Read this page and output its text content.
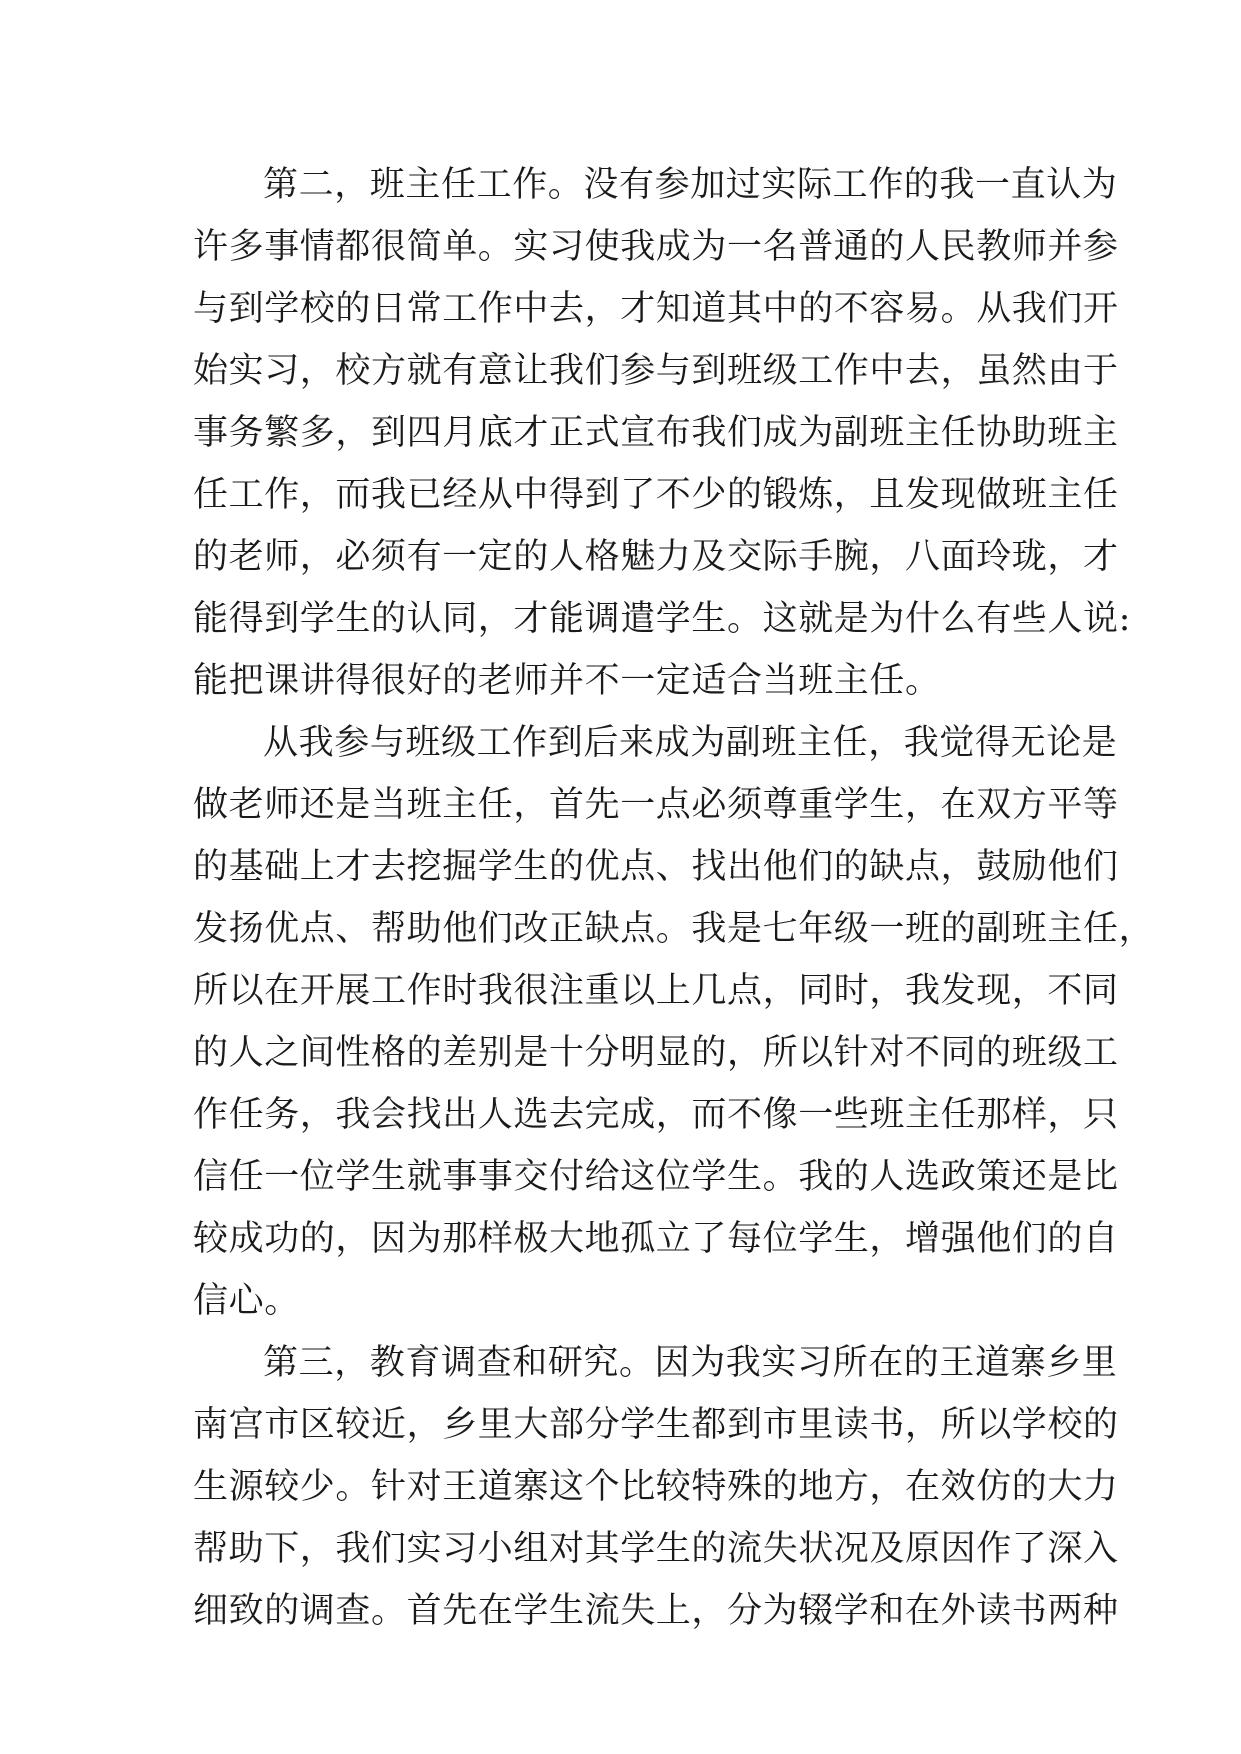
第二，班主任工作。没有参加过实际工作的我一直认为
许多事情都很简单。实习使我成为一名普通的人民教师并参
与到学校的日常工作中去，才知道其中的不容易。从我们开
始实习，校方就有意让我们参与到班级工作中去，虽然由于
事务繁多，到四月底才正式宣布我们成为副班主任协助班主
任工作，而我已经从中得到了不少的锻炼，且发现做班主任
的老师，必须有一定的人格魅力及交际手腕，八面玲珑，才
能得到学生的认同，才能调遣学生。这就是为什么有些人说:
能把课讲得很好的老师并不一定适合当班主任。
从我参与班级工作到后来成为副班主任，我觉得无论是
做老师还是当班主任，首先一点必须尊重学生，在双方平等
的基础上才去挖掘学生的优点、找出他们的缺点，鼓励他们
发扬优点、帮助他们改正缺点。我是七年级一班的副班主任，
所以在开展工作时我很注重以上几点，同时，我发现，不同
的人之间性格的差别是十分明显的，所以针对不同的班级工
作任务，我会找出人选去完成，而不像一些班主任那样，只
信任一位学生就事事交付给这位学生。我的人选政策还是比
较成功的，因为那样极大地孤立了每位学生，增强他们的自
信心。
第三，教育调查和研究。因为我实习所在的王道寨乡里
南宫市区较近，乡里大部分学生都到市里读书，所以学校的
生源较少。针对王道寨这个比较特殊的地方，在效仿的大力
帮助下，我们实习小组对其学生的流失状况及原因作了深入
细致的调查。首先在学生流失上，分为辍学和在外读书两种
